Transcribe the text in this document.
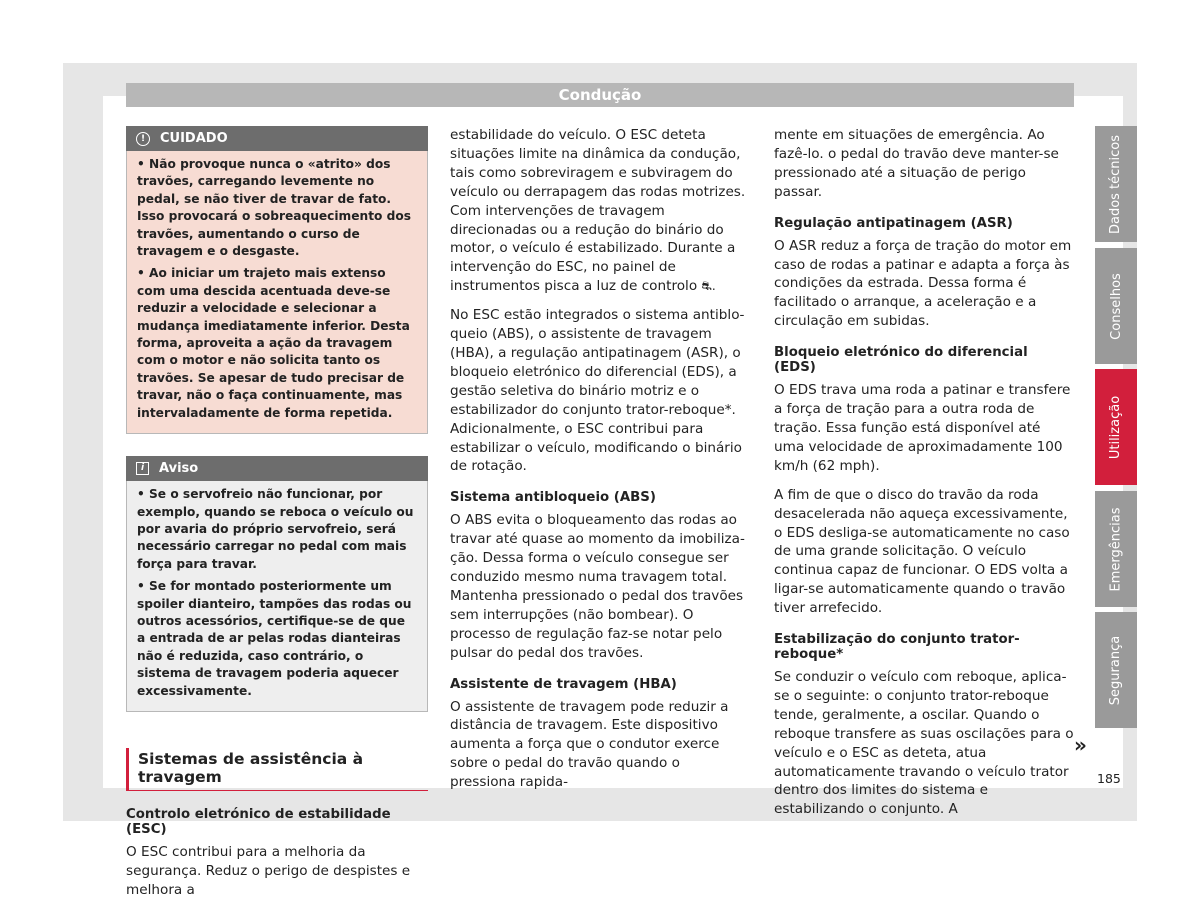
Condução
!	CUIDADO

• Não provoque nunca o «atrito» dos travões, carregando levemente no pedal, se não tiver de travar de fato. Isso provocará o sobreaquecimento dos travões, aumentando o curso de travagem e o desgaste.

• Ao iniciar um trajeto mais extenso com uma descida acentuada deve-se reduzir a velocidade e selecionar a mudança imediatamente inferior. Desta forma, aproveita a ação da travagem com o motor e não solicita tanto os travões. Se apesar de tudo precisar de travar, não o faça continuamente, mas intervaladamente de forma repetida.

i	Aviso

• Se o servofreio não funcionar, por exemplo, quando se reboca o veículo ou por avaria do próprio servofreio, será necessário carregar no pedal com mais força para travar.

• Se for montado posteriormente um spoiler dianteiro, tampões das rodas ou outros acessórios, certifique-se de que a entrada de ar pelas rodas dianteiras não é reduzida, caso contrário, o sistema de travagem poderia aquecer excessivamente.

Sistemas de assistência à travagem
Controlo eletrónico de estabilidade (ESC)

O ESC contribui para a melhoria da segurança. Reduz o perigo de despistes e melhora a

estabilidade do veículo. O ESC deteta situações limite na dinâmica da condução, tais como sobreviragem e subviragem do veículo ou derrapagem das rodas motrizes. Com intervenções de travagem direcionadas ou a redução do binário do motor, o veículo é estabilizado. Durante a intervenção do ESC, no painel de instrumentos pisca a luz de controlo ⛐.

No ESC estão integrados o sistema antibloqueio (ABS), o assistente de travagem (HBA), a regulação antipatinagem (ASR), o bloqueio eletrónico do diferencial (EDS), a gestão seletiva do binário motriz e o estabilizador do conjunto trator-reboque*. Adicionalmente, o ESC contribui para estabilizar o veículo, modificando o binário de rotação.

Sistema antibloqueio (ABS)

O ABS evita o bloqueamento das rodas ao travar até quase ao momento da imobilização. Dessa forma o veículo consegue ser conduzido mesmo numa travagem total. Mantenha pressionado o pedal dos travões sem interrupções (não bombear). O processo de regulação faz-se notar pelo pulsar do pedal dos travões.

Assistente de travagem (HBA)

O assistente de travagem pode reduzir a distância de travagem. Este dispositivo aumenta a força que o condutor exerce sobre o pedal do travão quando o pressiona rapida-

mente em situações de emergência. Ao fazê-lo. o pedal do travão deve manter-se pressionado até a situação de perigo passar.

Regulação antipatinagem (ASR)

O ASR reduz a força de tração do motor em caso de rodas a patinar e adapta a força às condições da estrada. Dessa forma é facilitado o arranque, a aceleração e a circulação em subidas.

Bloqueio eletrónico do diferencial (EDS)

O EDS trava uma roda a patinar e transfere a força de tração para a outra roda de tração. Essa função está disponível até uma velocidade de aproximadamente 100 km/h (62 mph).

A fim de que o disco do travão da roda desacelerada não aqueça excessivamente, o EDS desliga-se automaticamente no caso de uma grande solicitação. O veículo continua capaz de funcionar. O EDS volta a ligar-se automaticamente quando o travão tiver arrefecido.

Estabilização do conjunto trator-reboque*

Se conduzir o veículo com reboque, aplica-se o seguinte: o conjunto trator-reboque tende, geralmente, a oscilar. Quando o reboque transfere as suas oscilações para o veículo e o ESC as deteta, atua automaticamente travando o veículo trator dentro dos limites do sistema e estabilizando o conjunto. A

»
Dados técnicos
Conselhos
Utilização
Emergências
Segurança
185
